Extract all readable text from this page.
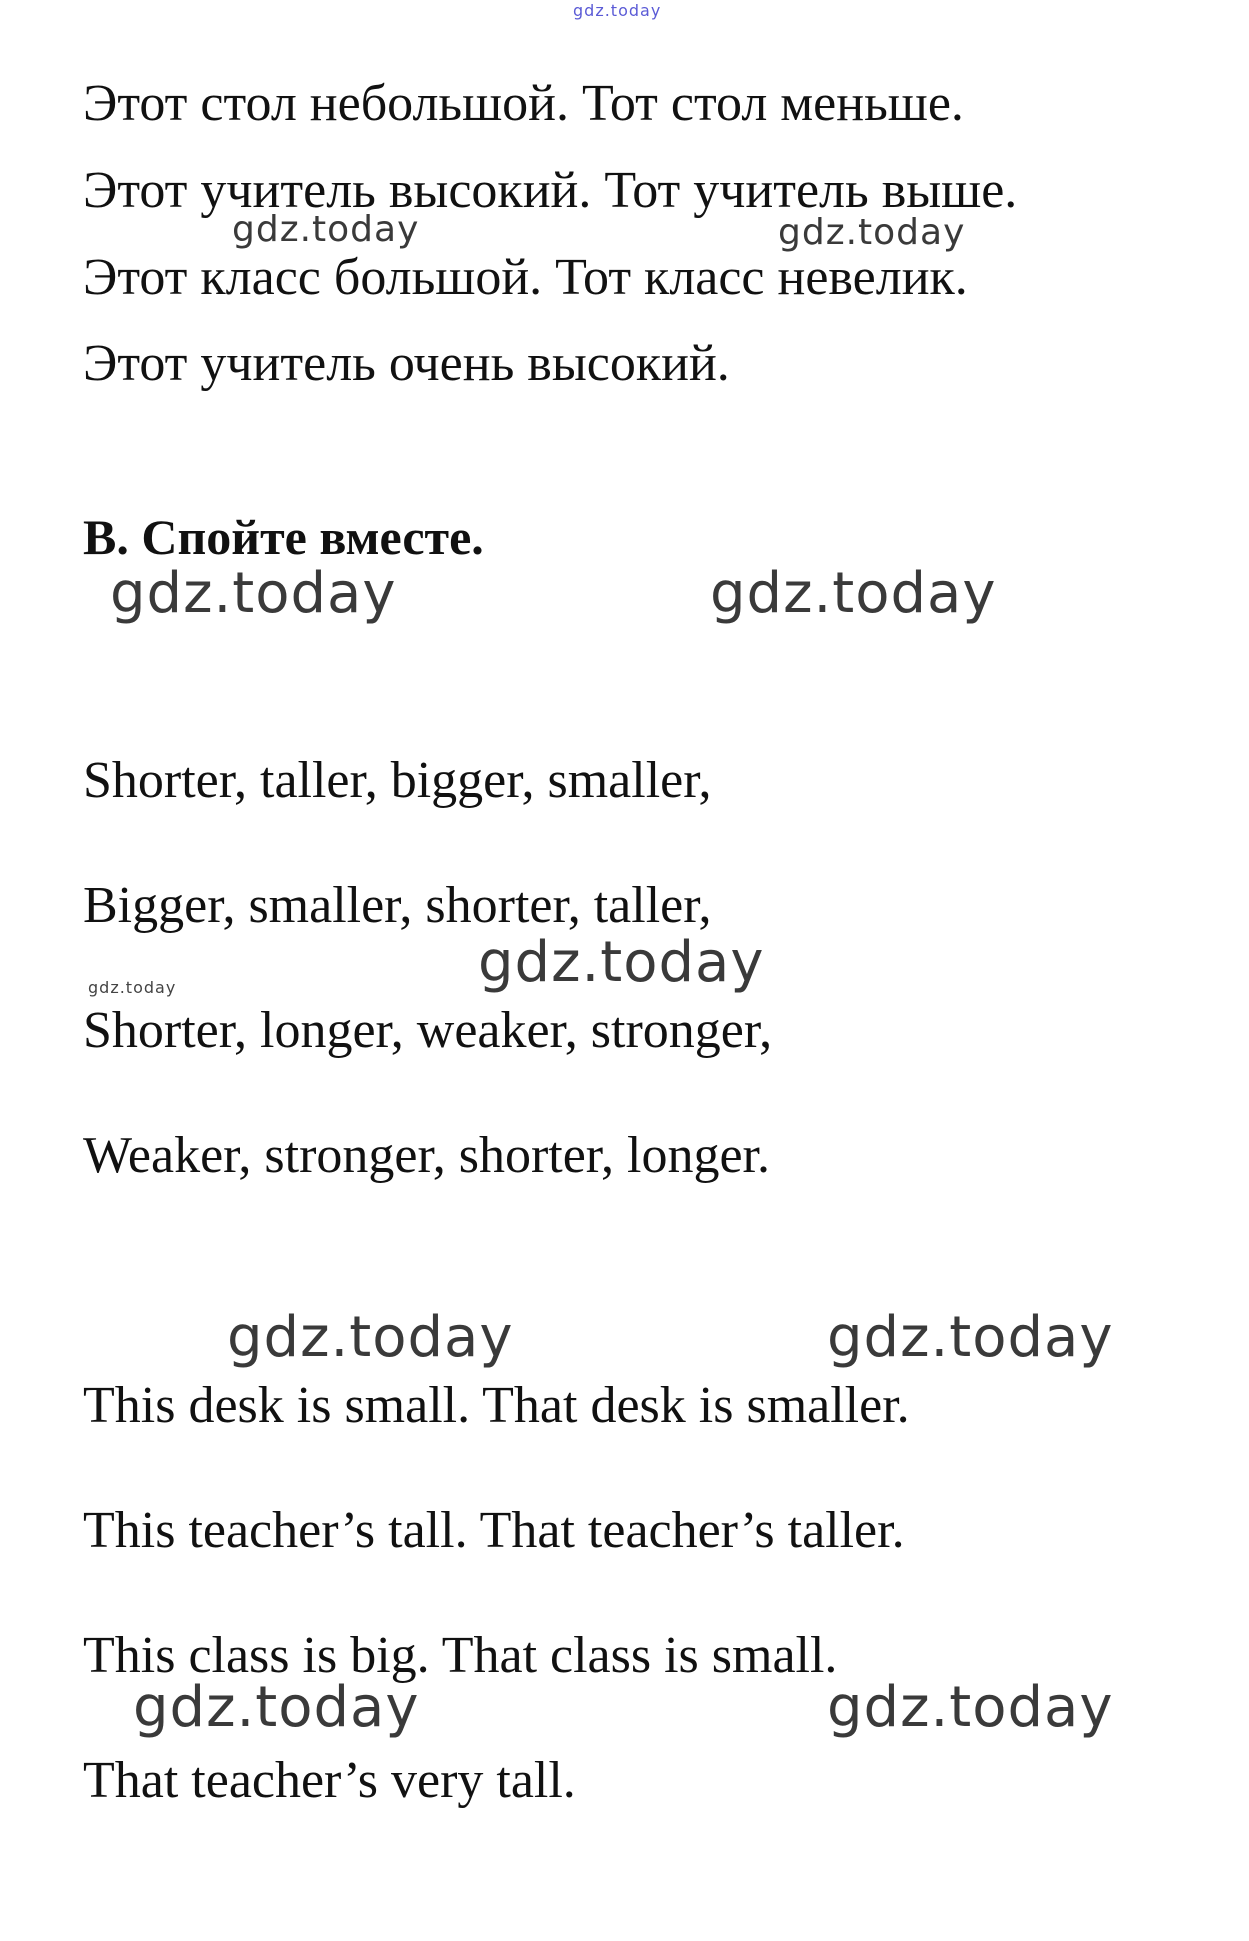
gdz.today

Этот стол небольшой. Тот стол меньше.

Этот учитель высокий. Тот учитель выше.

gdz.today	gdz.today

Этот класс большой. Тот класс невелик.

Этот учитель очень высокий.

B. Спойте вместе.

gdz.today	gdz.today

Shorter, taller, bigger, smaller,

Bigger, smaller, shorter, taller,

gdz.today
gdz.today

Shorter, longer, weaker, stronger,

Weaker, stronger, shorter, longer.

gdz.today	gdz.today

This desk is small. That desk is smaller.

This teacher’s tall. That teacher’s taller.

This class is big. That class is small.

gdz.today	gdz.today

That teacher’s very tall.
